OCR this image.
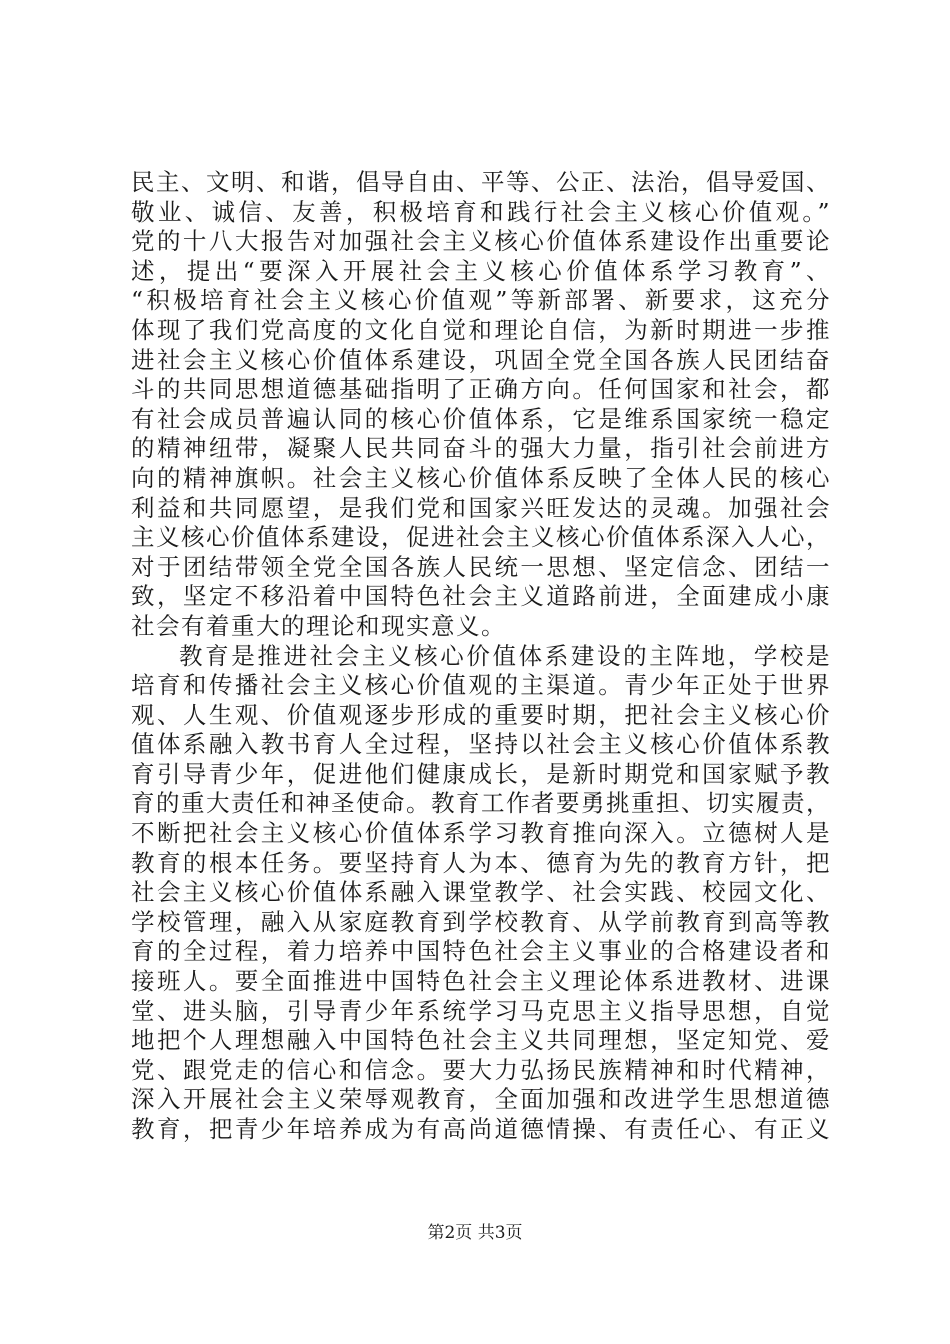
民主、文明、和谐，倡导自由、平等、公正、法治，倡导爱国、
敬业、诚信、友善，积极培育和践行社会主义核心价值观。”
党的十八大报告对加强社会主义核心价值体系建设作出重要论
述，提出“要深入开展社会主义核心价值体系学习教育”、
“积极培育社会主义核心价值观”等新部署、新要求，这充分
体现了我们党高度的文化自觉和理论自信，为新时期进一步推
进社会主义核心价值体系建设，巩固全党全国各族人民团结奋
斗的共同思想道德基础指明了正确方向。任何国家和社会，都
有社会成员普遍认同的核心价值体系，它是维系国家统一稳定
的精神纽带，凝聚人民共同奋斗的强大力量，指引社会前进方
向的精神旗帜。社会主义核心价值体系反映了全体人民的核心
利益和共同愿望，是我们党和国家兴旺发达的灵魂。加强社会
主义核心价值体系建设，促进社会主义核心价值体系深入人心，
对于团结带领全党全国各族人民统一思想、坚定信念、团结一
致，坚定不移沿着中国特色社会主义道路前进，全面建成小康
社会有着重大的理论和现实意义。
教育是推进社会主义核心价值体系建设的主阵地，学校是
培育和传播社会主义核心价值观的主渠道。青少年正处于世界
观、人生观、价值观逐步形成的重要时期，把社会主义核心价
值体系融入教书育人全过程，坚持以社会主义核心价值体系教
育引导青少年，促进他们健康成长，是新时期党和国家赋予教
育的重大责任和神圣使命。教育工作者要勇挑重担、切实履责，
不断把社会主义核心价值体系学习教育推向深入。立德树人是
教育的根本任务。要坚持育人为本、德育为先的教育方针，把
社会主义核心价值体系融入课堂教学、社会实践、校园文化、
学校管理，融入从家庭教育到学校教育、从学前教育到高等教
育的全过程，着力培养中国特色社会主义事业的合格建设者和
接班人。要全面推进中国特色社会主义理论体系进教材、进课
堂、进头脑，引导青少年系统学习马克思主义指导思想，自觉
地把个人理想融入中国特色社会主义共同理想，坚定知党、爱
党、跟党走的信心和信念。要大力弘扬民族精神和时代精神，
深入开展社会主义荣辱观教育，全面加强和改进学生思想道德
教育，把青少年培养成为有高尚道德情操、有责任心、有正义
第2页 共3页
